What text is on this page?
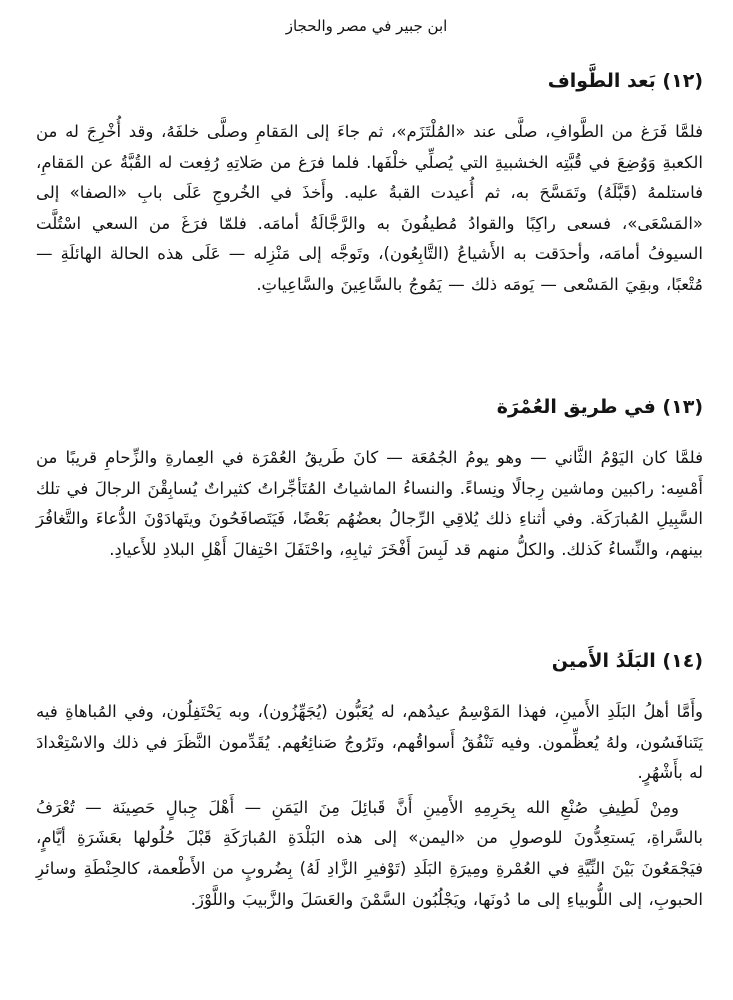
ابن جبير في مصر والحجاز
(١٢) بَعد الطَّواف

فلمَّا فَرَغ من الطَّوافِ، صلَّى عند «المُلْتَزَم»، ثم جاءَ إلى المَقامِ وصلَّى خلفَهُ، وقد أُخْرِجَ له من الكعبةِ وَوُضِعَ في قُبَّتِه الخشبيةِ التي يُصلِّي خلْفَها. فلما فرَغ من صَلاتِهِ رُفِعت له القُبَّةُ عن المَقامِ، فاستلمهُ (قَبَّلَهُ) وتَمَسَّحَ به، ثم أُعيدت القبةُ عليه. وأَخذَ في الخُروجِ عَلَى بابِ «الصفا» إلى «المَسْعَى»، فسعى راكِبًا والقوادُ مُطيفُونَ به والرَّجَّالَةُ أمامَه. فلمّا فرَغَ من السعي اسْتُلَّت السيوفُ أمامَه، وأحدَقت به الأَشياعُ (التَّابِعُون)، وتَوجَّه إلى مَنْزِله — عَلَى هذه الحالة الهائلَةِ — مُتْعبًا، وبقِيَ المَسْعى — يَومَه ذلك — يَمُوجُ بالسَّاعِينَ والسَّاعِياتِ.

(١٣) في طريق العُمْرَة

فلمَّا كان اليَوْمُ الثَّاني — وهو يومُ الجُمُعَة — كانَ طَريقُ العُمْرَة في العِمارةِ والزِّحامِ قريبًا من أَمْسِه: راكبين وماشين رِجالًا ونِساءً. والنساءُ الماشياتُ المُتَأجِّراتُ كثيراتٌ يُسابِقْنَ الرجالَ في تلك السَّبِيلِ المُبارَكَة. وفي أثناءِ ذلك يُلاقِي الرِّجالُ بعضُهُم بَعْضًا، فَيَتَصافَحُونَ ويتَهادَوْنَ الدُّعاءَ والتَّغافُرَ بينهم، والنِّساءُ كَذلك. والكلُّ منهم قد لَبِسَ أَفْخَرَ ثيابِهِ، واحْتَفَلَ احْتِفالَ أَهْلِ البلادِ للأَعيادِ.

(١٤) البَلَدُ الأَمين

وأَمَّا أهلُ البَلَدِ الأَمينِ، فهذا المَوْسِمُ عيدُهم، له يُعَبُّون (يُجَهِّزُون)، وبه يَحْتَفِلُون، وفي المُباهاةِ فيه يَتَنافَسُون، ولهُ يُعظِّمون. وفيه تَنْفُقُ أَسواقُهم، وتَرُوجُ صَنائِعُهم. يُقَدِّمون النَّظَرَ في ذلك والاسْتِعْدادَ له بأَشْهُرٍ.

ومِنْ لَطِيفِ صُنْعِ الله بِحَرِمِهِ الأَمِينِ أَنَّ قَبائِلَ مِنَ اليَمَنِ — أَهْلَ جِبالٍ حَصِينَة — تُعْرَفُ بالسَّراةِ، يَستعِدُّونَ للوصولِ من «اليمن» إلى هذه البَلْدَةِ المُبارَكَةِ قَبْلَ حُلُولها بعَشَرَةِ أيَّامٍ، فيَجْمَعُونَ بَيْنَ النِّيَّةِ في العُمْرةِ ومِيرَةِ البَلَدِ (تَوْفيرِ الزَّادِ لَهُ) بِضُروبٍ من الأَطْعمة، كالحِنْطَةِ وسائرِ الحبوبِ، إلى اللُّوبياءِ إلى ما دُونَها، ويَجْلُبُون السَّمْنَ والعَسَلَ والزَّبيبَ واللَّوْزَ.
